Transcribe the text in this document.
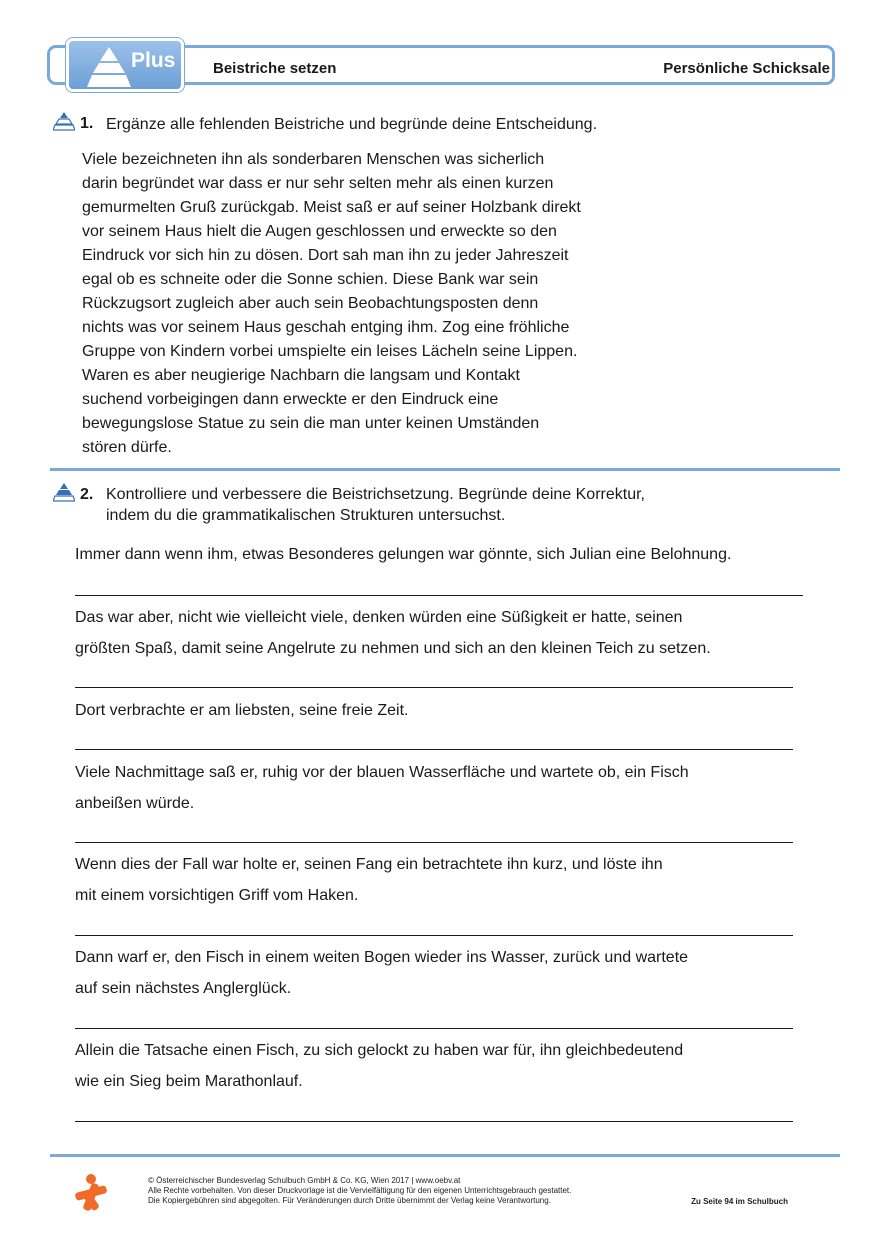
Plus	Beistriche setzen	Persönliche Schicksale
1. Ergänze alle fehlenden Beistriche und begründe deine Entscheidung.
Viele bezeichneten ihn als sonderbaren Menschen was sicherlich
darin begründet war dass er nur sehr selten mehr als einen kurzen
gemurmelten Gruß zurückgab. Meist saß er auf seiner Holzbank direkt
vor seinem Haus hielt die Augen geschlossen und erweckte so den
Eindruck vor sich hin zu dösen. Dort sah man ihn zu jeder Jahreszeit
egal ob es schneite oder die Sonne schien. Diese Bank war sein
Rückzugsort zugleich aber auch sein Beobachtungsposten denn
nichts was vor seinem Haus geschah entging ihm. Zog eine fröhliche
Gruppe von Kindern vorbei umspielte ein leises Lächeln seine Lippen.
Waren es aber neugierige Nachbarn die langsam und Kontakt
suchend vorbeigingen dann erweckte er den Eindruck eine
bewegungslose Statue zu sein die man unter keinen Umständen
stören dürfe.
2. Kontrolliere und verbessere die Beistrichsetzung. Begründe deine Korrektur,
indem du die grammatikalischen Strukturen untersuchst.
Immer dann wenn ihm, etwas Besonderes gelungen war gönnte, sich Julian eine Belohnung.
Das war aber, nicht wie vielleicht viele, denken würden eine Süßigkeit er hatte, seinen
größten Spaß, damit seine Angelrute zu nehmen und sich an den kleinen Teich zu setzen.
Dort verbrachte er am liebsten, seine freie Zeit.
Viele Nachmittage saß er, ruhig vor der blauen Wasserfläche und wartete ob, ein Fisch
anbeißen würde.
Wenn dies der Fall war holte er, seinen Fang ein betrachtete ihn kurz, und löste ihn
mit einem vorsichtigen Griff vom Haken.
Dann warf er, den Fisch in einem weiten Bogen wieder ins Wasser, zurück und wartete
auf sein nächstes Anglerglück.
Allein die Tatsache einen Fisch, zu sich gelockt zu haben war für, ihn gleichbedeutend
wie ein Sieg beim Marathonlauf.
© Österreichischer Bundesverlag Schulbuch GmbH & Co. KG, Wien 2017 | www.oebv.at
Alle Rechte vorbehalten. Von dieser Druckvorlage ist die Vervielfältigung für den eigenen Unterrichtsgebrauch gestattet.
Die Kopiergebühren sind abgegolten. Für Veränderungen durch Dritte übernimmt der Verlag keine Verantwortung.	Zu Seite 94 im Schulbuch
